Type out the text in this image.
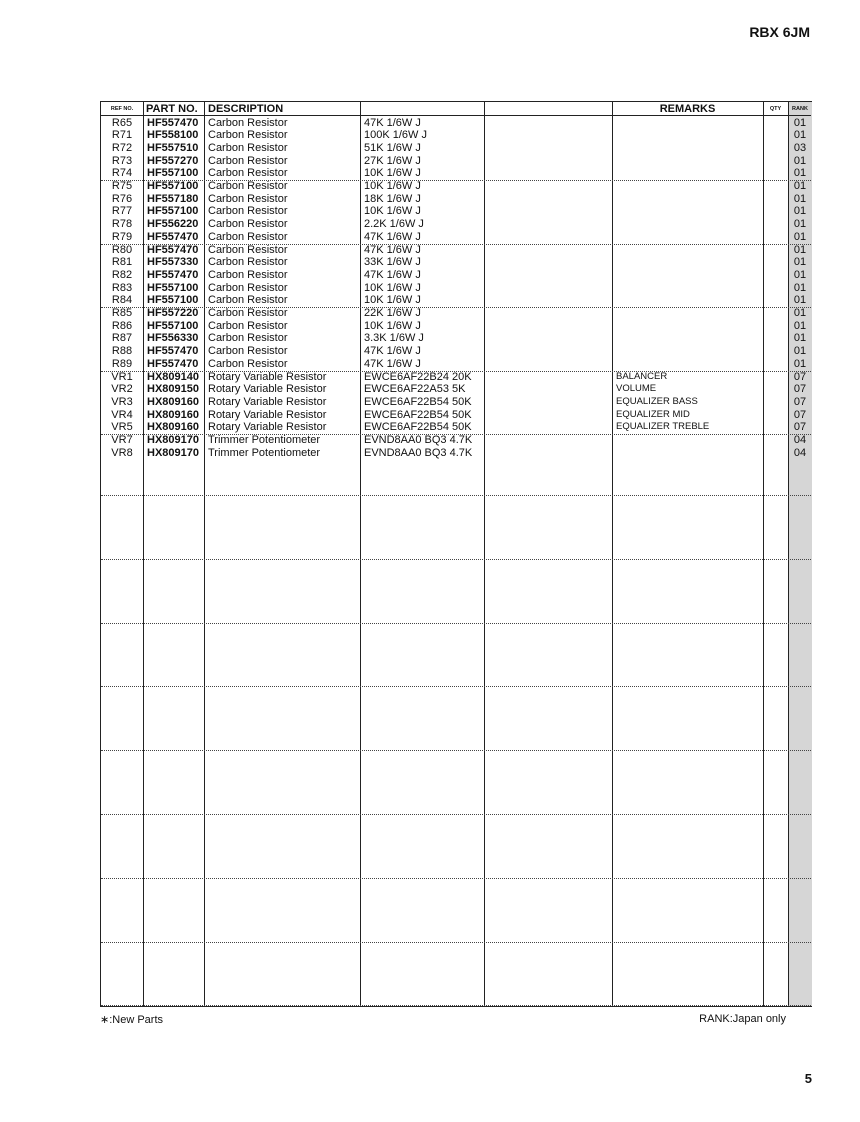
RBX 6JM
REF NO.	PART NO. DESCRIPTION	REMARKS	QTY	RANK
R65	HF557470 Carbon Resistor	47K 1/6W J	01
R71	HF558100 Carbon Resistor	100K 1/6W J	01
R72	HF557510 Carbon Resistor	51K 1/6W J	03
R73	HF557270 Carbon Resistor	27K 1/6W J	01
R74	HF557100 Carbon Resistor	10K 1/6W J	01
R75	HF557100 Carbon Resistor	10K 1/6W J	01
R76	HF557180 Carbon Resistor	18K 1/6W J	01
R77	HF557100 Carbon Resistor	10K 1/6W J	01
R78	HF556220 Carbon Resistor	2.2K 1/6W J	01
R79	HF557470 Carbon Resistor	47K 1/6W J	01
R80	HF557470 Carbon Resistor	47K 1/6W J	01
R81	HF557330 Carbon Resistor	33K 1/6W J	01
R82	HF557470 Carbon Resistor	47K 1/6W J	01
R83	HF557100 Carbon Resistor	10K 1/6W J	01
R84	HF557100 Carbon Resistor	10K 1/6W J	01
R85	HF557220 Carbon Resistor	22K 1/6W J	01
R86	HF557100 Carbon Resistor	10K 1/6W J	01
R87	HF556330 Carbon Resistor	3.3K 1/6W J	01
R88	HF557470 Carbon Resistor	47K 1/6W J	01
R89	HF557470 Carbon Resistor	47K 1/6W J	01
VR1	HX809140 Rotary Variable Resistor	EWCE6AF22B24 20K	BALANCER	07
VR2	HX809150 Rotary Variable Resistor	EWCE6AF22A53 5K	VOLUME	07
VR3	HX809160 Rotary Variable Resistor	EWCE6AF22B54 50K	EQUALIZER BASS	07
VR4	HX809160 Rotary Variable Resistor	EWCE6AF22B54 50K	EQUALIZER MID	07
VR5	HX809160 Rotary Variable Resistor	EWCE6AF22B54 50K	EQUALIZER TREBLE	07
VR7	HX809170 Trimmer Potentiometer	EVND8AA0 BQ3 4.7K	04
VR8	HX809170 Trimmer Potentiometer	EVND8AA0 BQ3 4.7K	04
∗:New Parts	RANK:Japan only
5
